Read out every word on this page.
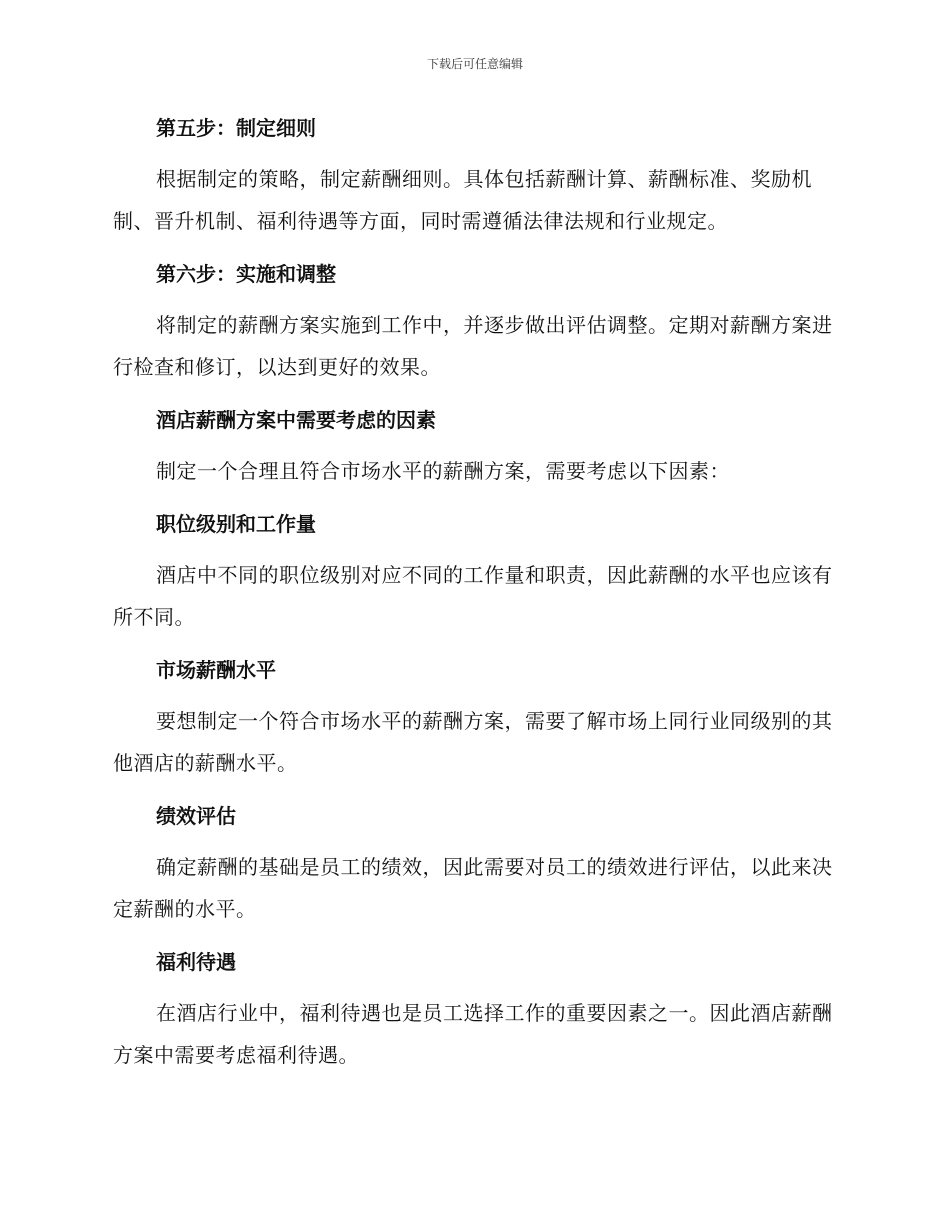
下载后可任意编辑
第五步：制定细则

根据制定的策略，制定薪酬细则。具体包括薪酬计算、薪酬标准、奖励机制、晋升机制、福利待遇等方面，同时需遵循法律法规和行业规定。

第六步：实施和调整

将制定的薪酬方案实施到工作中，并逐步做出评估调整。定期对薪酬方案进行检查和修订，以达到更好的效果。

酒店薪酬方案中需要考虑的因素

制定一个合理且符合市场水平的薪酬方案，需要考虑以下因素：

职位级别和工作量

酒店中不同的职位级别对应不同的工作量和职责，因此薪酬的水平也应该有所不同。

市场薪酬水平

要想制定一个符合市场水平的薪酬方案，需要了解市场上同行业同级别的其他酒店的薪酬水平。

绩效评估

确定薪酬的基础是员工的绩效，因此需要对员工的绩效进行评估，以此来决定薪酬的水平。

福利待遇

在酒店行业中，福利待遇也是员工选择工作的重要因素之一。因此酒店薪酬方案中需要考虑福利待遇。
